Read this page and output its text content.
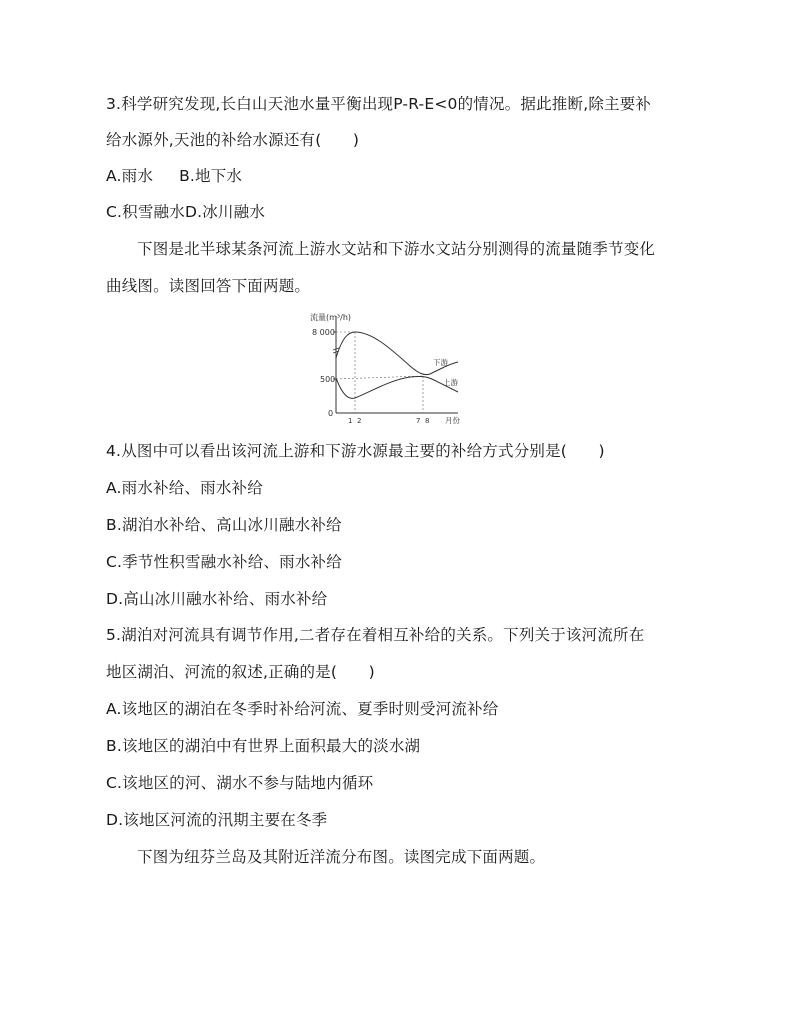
3.科学研究发现,长白山天池水量平衡出现P-R-E<0的情况。据此推断,除主要补
给水源外,天池的补给水源还有(　　)
A.雨水 B.地下水
C.积雪融水D.冰川融水
下图是北半球某条河流上游水文站和下游水文站分别测得的流量随季节变化
曲线图。读图回答下面两题。
流量(m³/h)
8 000
500
0
下游
上游
1 2	7 8 月份
4.从图中可以看出该河流上游和下游水源最主要的补给方式分别是(　　)
A.雨水补给、雨水补给
B.湖泊水补给、高山冰川融水补给
C.季节性积雪融水补给、雨水补给
D.高山冰川融水补给、雨水补给
5.湖泊对河流具有调节作用,二者存在着相互补给的关系。下列关于该河流所在
地区湖泊、河流的叙述,正确的是(　　)
A.该地区的湖泊在冬季时补给河流、夏季时则受河流补给
B.该地区的湖泊中有世界上面积最大的淡水湖
C.该地区的河、湖水不参与陆地内循环
D.该地区河流的汛期主要在冬季
下图为纽芬兰岛及其附近洋流分布图。读图完成下面两题。
